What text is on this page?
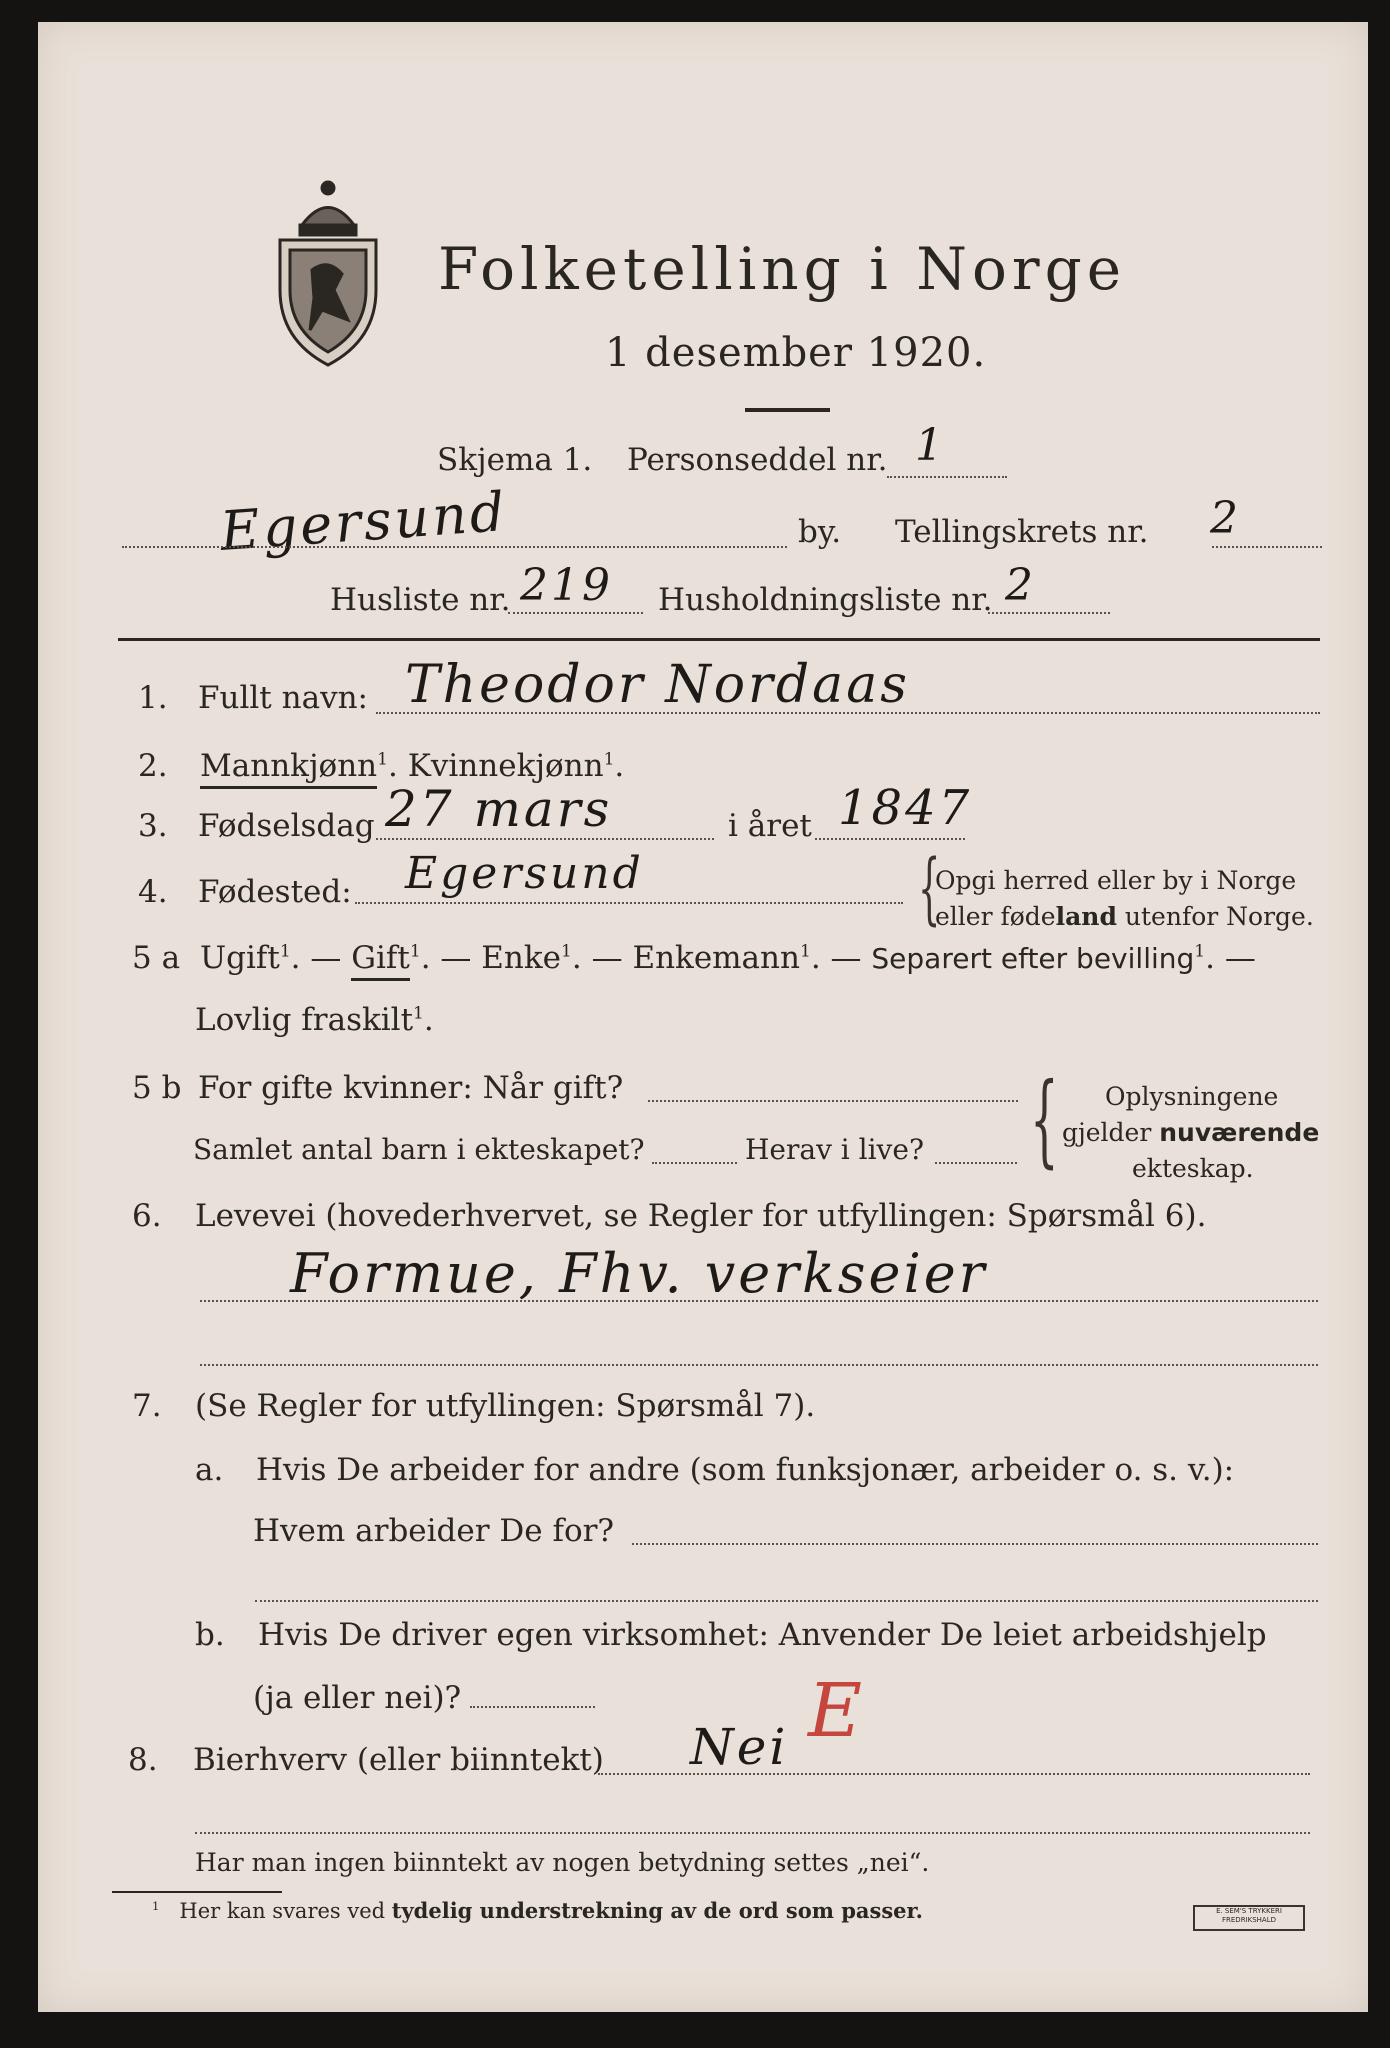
Folketelling i Norge
1 desember 1920.
Skjema 1. Personseddel nr. 1
Egersund	by. Tellingskrets nr. 2
Husliste nr. 219 Husholdningsliste nr. 2
1. Fullt navn: Theodor Nordaas
2. Mannkjønn$^1$. Kvinnekjønn$^1$.
3. Fødselsdag 27 mars	i året 1847
4. Fødested: Egersund	{
Opgi herred eller by i Norge
eller fødeland utenfor Norge.
5 a Ugift$^1$. — Gift$^1$. — Enke$^1$. — Enkemann$^1$. — Separert efter bevilling$^1$. —
Lovlig fraskilt$^1$.
5 b For gifte kvinner: Når gift?
Samlet antal barn i ekteskapet?	Herav i live? { Oplysningene
gjelder nuværende
ekteskap.
6. Levevei (hovederhvervet, se Regler for utfyllingen: Spørsmål 6).
Formue, Fhv. verkseier
7. (Se Regler for utfyllingen: Spørsmål 7).
a. Hvis De arbeider for andre (som funksjonær, arbeider o. s. v.):
Hvem arbeider De for?
b. Hvis De driver egen virksomhet: Anvender De leiet arbeidshjelp
(ja eller nei)?
8. Bierhverv (eller biinntekt) Nei E
Har man ingen biinntekt av nogen betydning settes „nei“.
$^1$ Her kan svares ved tydelig understrekning av de ord som passer.	E. SEM'S TRYKKERI FREDRIKSHALD
